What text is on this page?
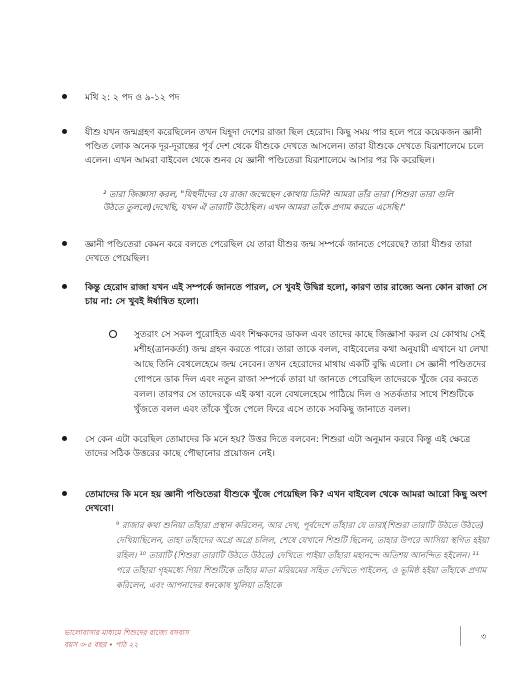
মথি ২: ২ পদ ও ৯-১২ পদ
যীশু যখন জন্মগ্রহণ করেছিলেন তখন যিহূদা দেশের রাজা ছিল হেরোদ। কিছু সময় পার হলে পরে কয়েকজন জ্ঞানী পণ্ডিত লোক অনেক দূর-দূরান্তের পূর্ব দেশ থেকে যীশুকে দেখতে আসলেন। তারা যীশুকে দেখতে যিরূশালেমে চলে এলেন। এখন আমরা বাইবেল থেকে শুনব যে জ্ঞানী পণ্ডিতেরা যিরূশালেমে আসার পর কি করেছিল।
² তারা জিজ্ঞাসা করল, "যিহুদীদের যে রাজা জন্মেছেন কোথায় তিনি? আমরা তাঁর তারা (শিশুরা তারা গুলি উঠতে তুললে)দেখেছি, যখন ঐ তারাটি উঠেছিল। এখন আমরা তাঁকে প্রণাম করতে এসেছি।"
জ্ঞানী পণ্ডিতেরা কেমন করে বলতে পেরেছিল যে তারা যীশুর জন্ম সম্পর্কে জানতে পেরেছে? তারা যীশুর তারা দেখতে পেয়েছিল।
কিন্তু হেরোদ রাজা যখন এই সম্পর্কে জানতে পারল, সে খুবই উদ্বিগ্ন হলো, কারণ তার রাজ্যে অন্য কোন রাজা সে চায় না: সে খুবই ঈর্ষান্বিত হলো।
সুতরাং সে সকল পুরোহিত এবং শিক্ষকদের ডাকল এবং তাদের কাছে জিজ্ঞাসা করল যে কোথায় সেই মশীহ(ত্রানকর্তা) জন্ম গ্রহন করতে পারে। তারা তাকে বলল, বাইবেলের কথা অনুযায়ী এখানে যা লেখা আছে তিনি বেথলেহেমে জন্ম নেবেন। তখন হেরোদের মাথায় একটি বুদ্ধি এলো। সে জ্ঞানী পণ্ডিতদের গোপনে ডাক দিল এবং নতুন রাজা সম্পর্কে তারা যা জানতে পেরেছিল তাদেরকে খুঁজে বের করতে বলল। তারপর সে তাদেরকে এই কথা বলে বেথলেহেমে পাঠিয়ে দিল ও সতর্কতার সাথে শিশুটিকে খুঁজতে বলল এবং তাঁকে খুঁজে পেলে ফিরে এসে তাকে সবকিছু জানাতে বলল।
সে কেন এটা করেছিল তোমাদের কি মনে হয়? উত্তর দিতে বলবেন: শিশুরা এটা অনুমান করবে কিন্তু এই ক্ষেত্রে তাদের সঠিক উত্তরের কাছে পৌছানোর প্রয়োজন নেই।
তোমাদের কি মনে হয় জ্ঞানী পণ্ডিতেরা যীশুকে খুঁজে পেয়েছিল কি? এখন বাইবেল থেকে আমরা আরো কিছু অংশ দেখবো।
⁹ রাজার কথা শুনিয়া তাঁহারা প্রস্থান করিলেন, আর দেখ, পূর্বদেশে তাঁহারা যে তারা(শিশুরা তারাটি উঠতে উঠতে) দেখিয়াছিলেন, তাহা তাঁহাদের অগ্রে অগ্রে চলিল, শেষে যেখানে শিশুটি ছিলেন, তাহার উপরে আসিয়া স্থগিত হইয়া রহিল। ¹⁰ তারাটি (শিশুরা তারাটি উঠতে উঠতে) দেখিতে পাইয়া তাঁহারা মহানন্দে অতিশয় আনন্দিত হইলেন। ¹¹ পরে তাঁহারা গৃহমধ্যে গিয়া শিশুটিকে তাঁহার মাতা মরিয়মের সহিত দেখিতে পাইলেন, ও ভূমিষ্ঠ হইয়া তাঁহাকে প্রণাম করিলেন, এবং আপনাদের ধনকোষ খুলিয়া তাঁহাকে
ভালোবাসার মাধ্যমে শিশুদের রাজ্যে বসবাস
বয়স ৩-৫ বছর • পাঠ ২২
৩
